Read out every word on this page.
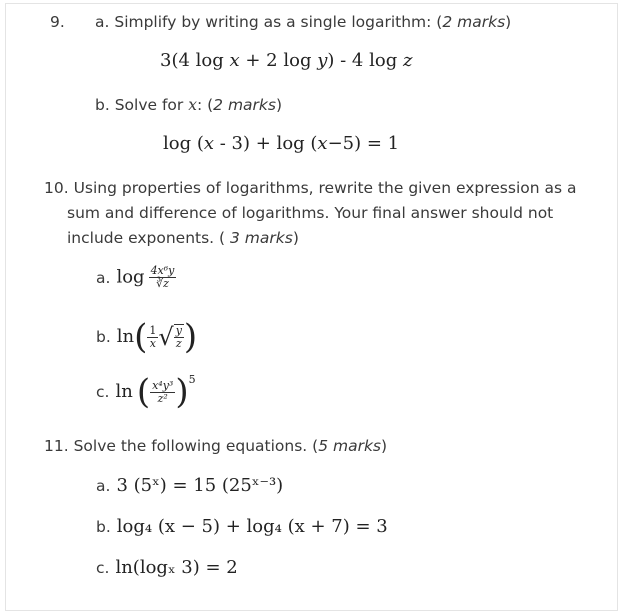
9. a. Simplify by writing as a single logarithm: (2 marks)
3(4 log x + 2 log y) - 4 log z
b. Solve for x: (2 marks)
log (x - 3) + log (x−5) = 1
10. Using properties of logarithms, rewrite the given expression as a
sum and difference of logarithms. Your final answer should not
include exponents. ( 3 marks)
a. $\log \frac{\text{4x⁶y}}{∛z}$
b. $\ln( \frac{1}{x}$ √ $\frac{y}{z}$ )
c. ln ( $\frac{\text{x⁴y³}}{\text{z²}} )^5$
11. Solve the following equations. (5 marks)
a. 3 (5ˣ) = 15 (25ˣ⁻³)
b. log₄ (x − 5) + log₄ (x + 7) = 3
c. ln(logₓ 3) = 2
